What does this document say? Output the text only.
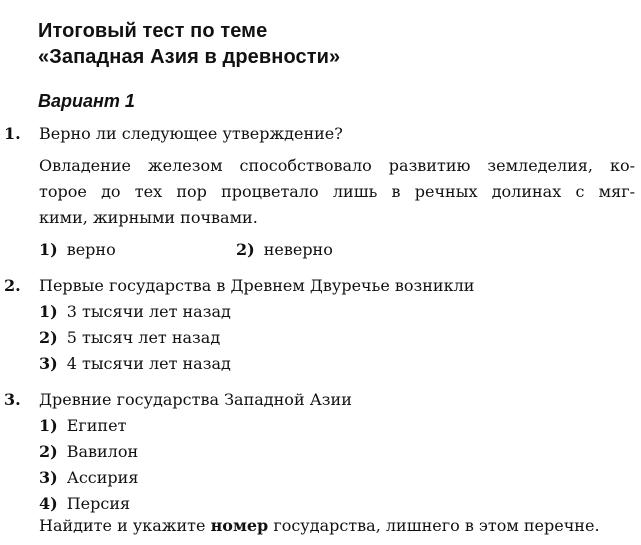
Итоговый тест по теме
«Западная Азия в древности»
Вариант 1
1. Верно ли следующее утверждение?
Овладение железом способствовало развитию земледелия, ко-
торое до тех пор процветало лишь в речных долинах с мяг-
кими, жирными почвами.
1) верно	2) неверно
2. Первые государства в Древнем Двуречье возникли
1) 3 тысячи лет назад
2) 5 тысяч лет назад
3) 4 тысячи лет назад
3. Древние государства Западной Азии
1) Египет
2) Вавилон
3) Ассирия
4) Персия
Найдите и укажите номер государства, лишнего в этом перечне.
